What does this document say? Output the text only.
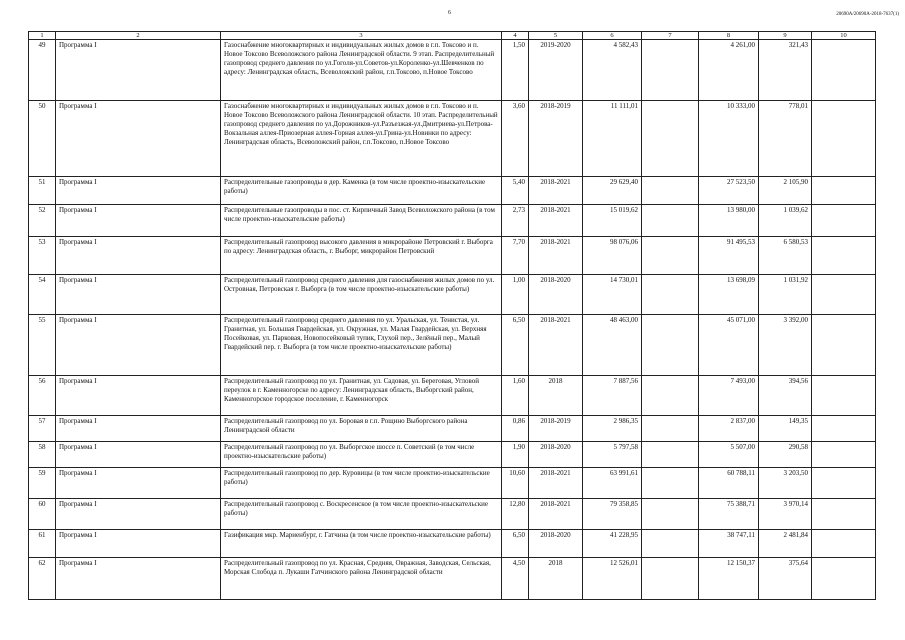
6	20690А/20690А-2018-7637(1)
1	2	3	4	5	6	7	8	9	10
49	Программа I	Газоснабжение многоквартирных и индивидуальных жилых домов в г.п. Токсово и п. Новое Токсово Всеволожского района Ленинградской области. 9 этап. Распределительный газопровод среднего давления по ул.Гоголя-ул.Советов-ул.Короленко-ул.Шевченков по адресу: Ленинградская область, Всеволожский район, г.п.Токсово, п.Новое Токсово	1,50	2019-2020	4 582,43		4 261,00	321,43	
50	Программа I	Газоснабжение многоквартирных и индивидуальных жилых домов в г.п. Токсово и п. Новое Токсово Всеволожского района Ленинградской области. 10 этап. Распределительный газопровод среднего давления по ул.Дорожников-ул.Разъезжая-ул.Дмитриева-ул.Петрова-Вокзальная аллея-Приозерная аллея-Горная аллея-ул.Грина-ул.Новинки по адресу: Ленинградская область, Всеволожский район, г.п.Токсово, п.Новое Токсово	3,60	2018-2019	11 111,01		10 333,00	778,01	
51	Программа I	Распределительные газопроводы в дер. Каменка (в том числе проектно-изыскательские работы)	5,40	2018-2021	29 629,40		27 523,50	2 105,90	
52	Программа I	Распределительные газопроводы в пос. ст. Кирпичный Завод Всеволожского района (в том числе проектно-изыскательские работы)	2,73	2018-2021	15 019,62		13 980,00	1 039,62	
53	Программа I	Распределительный газопровод высокого давления в микрорайоне Петровский г. Выборга по адресу: Ленинградская область, г. Выборг, микрорайон Петровский	7,70	2018-2021	98 076,06		91 495,53	6 580,53	
54	Программа I	Распределительный газопровод среднего давления для газоснабжения жилых домов по ул. Островная, Петровская г. Выборга (в том числе проектно-изыскательские работы)	1,00	2018-2020	14 730,01		13 698,09	1 031,92	
55	Программа I	Распределительный газопровод среднего давления по ул. Уральская, ул. Тенистая, ул. Гранитная, ул. Большая Гвардейская, ул. Окружная, ул. Малая Гвардейская, ул. Верхняя Посейковая, ул. Парковая, Новопосейковый тупик, Глухой пер., Зелёный пер., Малый Гвардейский пер. г. Выборга (в том числе проектно-изыскательские работы)	6,50	2018-2021	48 463,00		45 071,00	3 392,00	
56	Программа I	Распределительный газопровод по ул. Гранитная, ул. Садовая, ул. Береговая, Угловой переулок в г. Каменногорске по адресу: Ленинградская область, Выборгский район, Каменногорское городское поселение, г. Каменногорск	1,60	2018	7 887,56		7 493,00	394,56	
57	Программа I	Распределительный газопровод по ул. Боровая в г.п. Рощино Выборгского района Ленинградской области	0,86	2018-2019	2 986,35		2 837,00	149,35	
58	Программа I	Распределительный газопровод по ул. Выборгское шоссе п. Советский (в том числе проектно-изыскательские работы)	1,90	2018-2020	5 797,58		5 507,00	290,58	
59	Программа I	Распределительный газопровод по дер. Куровицы (в том числе проектно-изыскательские работы)	10,60	2018-2021	63 991,61		60 788,11	3 203,50	
60	Программа I	Распределительный газопровод с. Воскресенское (в том числе проектно-изыскательские работы)	12,80	2018-2021	79 358,85		75 388,71	3 970,14	
61	Программа I	Газификация мкр. Мариенбург, г. Гатчина (в том числе проектно-изыскательские работы)	6,50	2018-2020	41 228,95		38 747,11	2 481,84	
62	Программа I	Распределительный газопровод по ул. Красная, Средняя, Овражная, Заводская, Сельская, Морская Слобода п. Лукаши Гатчинского района Ленинградской области	4,50	2018	12 526,01		12 150,37	375,64	
